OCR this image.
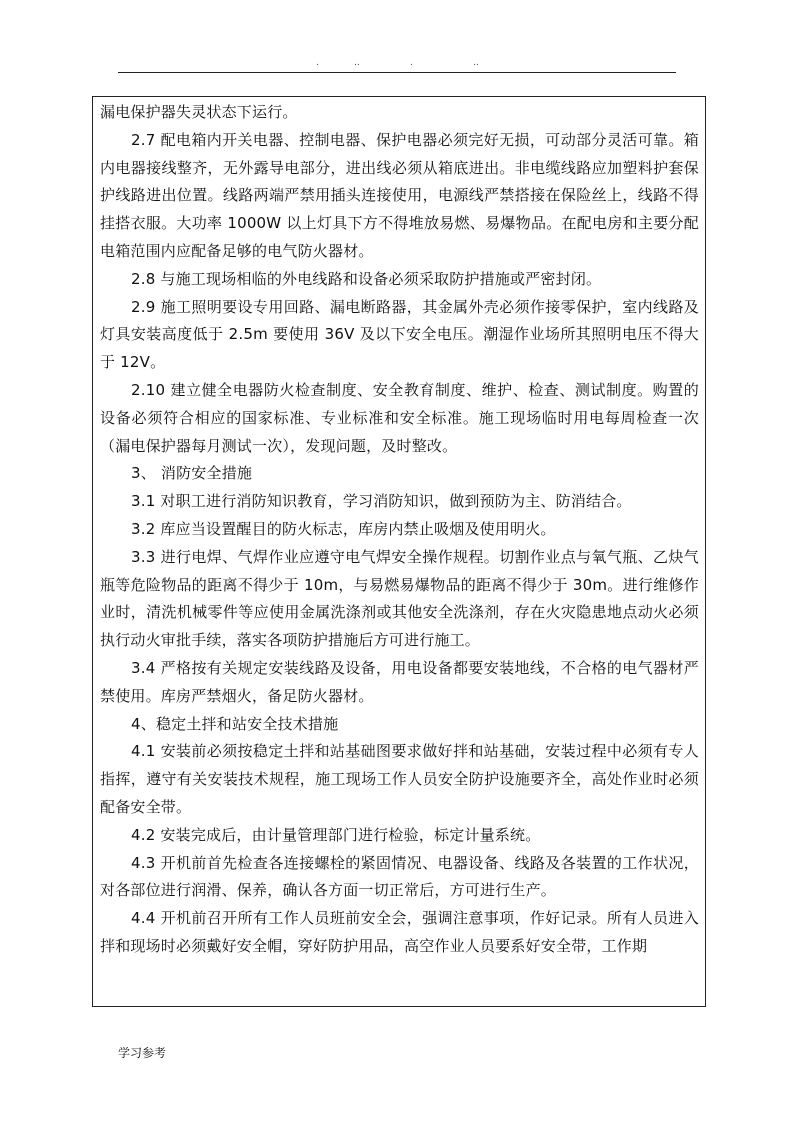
.	..	.	..

漏电保护器失灵状态下运行。

2.7 配电箱内开关电器、控制电器、保护电器必须完好无损，可动部分灵活可靠。箱内电器接线整齐，无外露导电部分，进出线必须从箱底进出。非电缆线路应加塑料护套保护线路进出位置。线路两端严禁用插头连接使用，电源线严禁搭接在保险丝上，线路不得挂搭衣服。大功率 1000W 以上灯具下方不得堆放易燃、易爆物品。在配电房和主要分配电箱范围内应配备足够的电气防火器材。

2.8 与施工现场相临的外电线路和设备必须采取防护措施或严密封闭。

2.9 施工照明要设专用回路、漏电断路器，其金属外壳必须作接零保护，室内线路及灯具安装高度低于 2.5m 要使用 36V 及以下安全电压。潮湿作业场所其照明电压不得大于 12V。

2.10 建立健全电器防火检查制度、安全教育制度、维护、检查、测试制度。购置的设备必须符合相应的国家标准、专业标准和安全标准。施工现场临时用电每周检查一次（漏电保护器每月测试一次），发现问题，及时整改。

3、 消防安全措施

3.1 对职工进行消防知识教育，学习消防知识，做到预防为主、防消结合。

3.2 库应当设置醒目的防火标志，库房内禁止吸烟及使用明火。

3.3 进行电焊、气焊作业应遵守电气焊安全操作规程。切割作业点与氧气瓶、乙炔气瓶等危险物品的距离不得少于 10m，与易燃易爆物品的距离不得少于 30m。进行维修作业时，清洗机械零件等应使用金属洗涤剂或其他安全洗涤剂，存在火灾隐患地点动火必须执行动火审批手续，落实各项防护措施后方可进行施工。

3.4 严格按有关规定安装线路及设备，用电设备都要安装地线，不合格的电气器材严禁使用。库房严禁烟火，备足防火器材。

4、稳定土拌和站安全技术措施

4.1 安装前必须按稳定土拌和站基础图要求做好拌和站基础，安装过程中必须有专人指挥，遵守有关安装技术规程，施工现场工作人员安全防护设施要齐全，高处作业时必须配备安全带。

4.2 安装完成后，由计量管理部门进行检验，标定计量系统。

4.3 开机前首先检查各连接螺栓的紧固情况、电器设备、线路及各装置的工作状况，对各部位进行润滑、保养，确认各方面一切正常后，方可进行生产。

4.4 开机前召开所有工作人员班前安全会，强调注意事项，作好记录。所有人员进入拌和现场时必须戴好安全帽，穿好防护用品，高空作业人员要系好安全带，工作期

学习参考
